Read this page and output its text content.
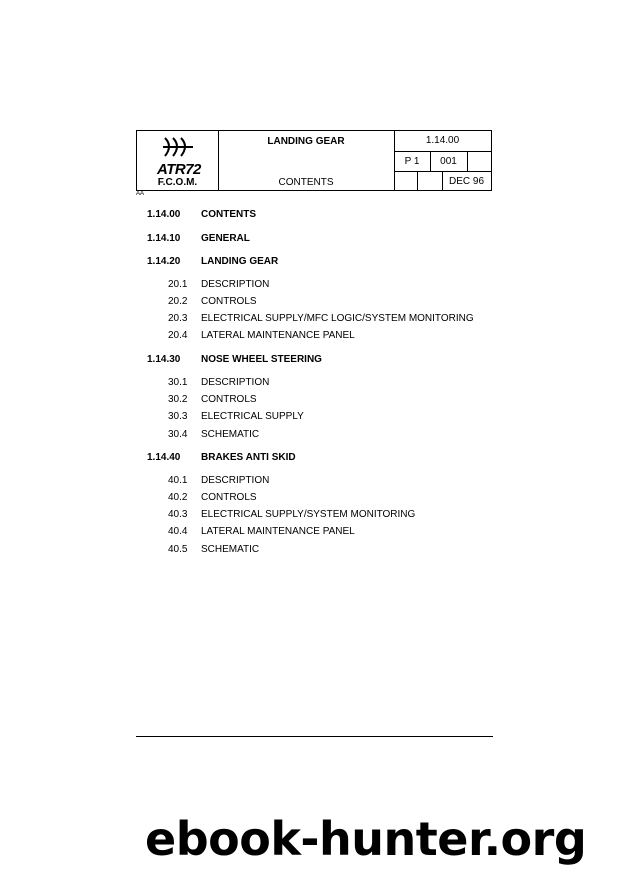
ATR72
F.C.O.M.
LANDING GEAR
CONTENTS
1.14.00
P 1	001
DEC 96
AA
1.14.00 CONTENTS
1.14.10 GENERAL
1.14.20 LANDING GEAR
20.1 DESCRIPTION
20.2 CONTROLS
20.3 ELECTRICAL SUPPLY/MFC LOGIC/SYSTEM MONITORING
20.4 LATERAL MAINTENANCE PANEL
1.14.30 NOSE WHEEL STEERING
30.1 DESCRIPTION
30.2 CONTROLS
30.3 ELECTRICAL SUPPLY
30.4 SCHEMATIC
1.14.40 BRAKES ANTI SKID
40.1 DESCRIPTION
40.2 CONTROLS
40.3 ELECTRICAL SUPPLY/SYSTEM MONITORING
40.4 LATERAL MAINTENANCE PANEL
40.5 SCHEMATIC
ebook-hunter.org
